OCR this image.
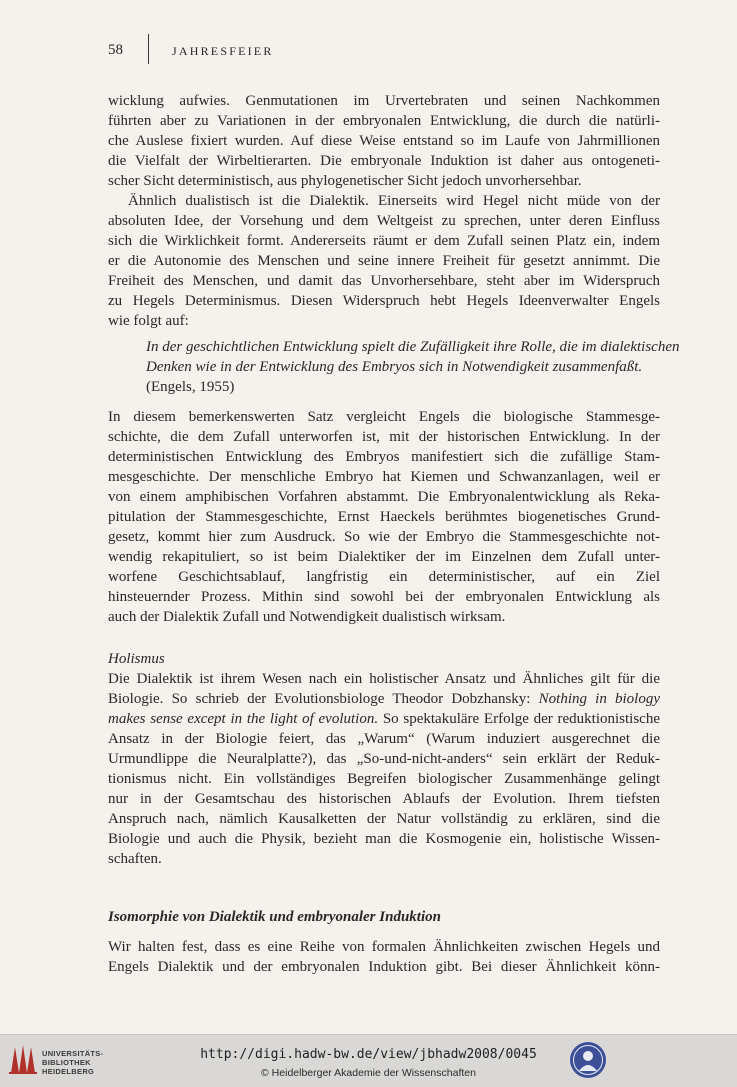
58	JAHRESFEIER

wicklung aufwies. Genmutationen im Urvertebraten und seinen Nachkommen

führten aber zu Variationen in der embryonalen Entwicklung, die durch die natürli-

che Auslese fixiert wurden. Auf diese Weise entstand so im Laufe von Jahrmillionen

die Vielfalt der Wirbeltierarten. Die embryonale Induktion ist daher aus ontogeneti-

scher Sicht deterministisch, aus phylogenetischer Sicht jedoch unvorhersehbar.

Ähnlich dualistisch ist die Dialektik. Einerseits wird Hegel nicht müde von der

absoluten Idee, der Vorsehung und dem Weltgeist zu sprechen, unter deren Einfluss

sich die Wirklichkeit formt. Andererseits räumt er dem Zufall seinen Platz ein, indem

er die Autonomie des Menschen und seine innere Freiheit für gesetzt annimmt. Die

Freiheit des Menschen, und damit das Unvorhersehbare, steht aber im Widerspruch

zu Hegels Determinismus. Diesen Widerspruch hebt Hegels Ideenverwalter Engels

wie folgt auf:

In der geschichtlichen Entwicklung spielt die Zufälligkeit ihre Rolle, die im dialektischen

Denken wie in der Entwicklung des Embryos sich in Notwendigkeit zusammenfaßt.

(Engels, 1955)

In diesem bemerkenswerten Satz vergleicht Engels die biologische Stammesge-

schichte, die dem Zufall unterworfen ist, mit der historischen Entwicklung. In der

deterministischen Entwicklung des Embryos manifestiert sich die zufällige Stam-

mesgeschichte. Der menschliche Embryo hat Kiemen und Schwanzanlagen, weil er

von einem amphibischen Vorfahren abstammt. Die Embryonalentwicklung als Reka-

pitulation der Stammesgeschichte, Ernst Haeckels berühmtes biogenetisches Grund-

gesetz, kommt hier zum Ausdruck. So wie der Embryo die Stammesgeschichte not-

wendig rekapituliert, so ist beim Dialektiker der im Einzelnen dem Zufall unter-

worfene Geschichtsablauf, langfristig ein deterministischer, auf ein Ziel

hinsteuernder Prozess. Mithin sind sowohl bei der embryonalen Entwicklung als

auch der Dialektik Zufall und Notwendigkeit dualistisch wirksam.

Holismus

Die Dialektik ist ihrem Wesen nach ein holistischer Ansatz und Ähnliches gilt für die

Biologie. So schrieb der Evolutionsbiologe Theodor Dobzhansky: Nothing in biology

makes sense except in the light of evolution. So spektakuläre Erfolge der reduktionistische

Ansatz in der Biologie feiert, das „Warum“ (Warum induziert ausgerechnet die

Urmundlippe die Neuralplatte?), das „So-und-nicht-anders“ sein erklärt der Reduk-

tionismus nicht. Ein vollständiges Begreifen biologischer Zusammenhänge gelingt

nur in der Gesamtschau des historischen Ablaufs der Evolution. Ihrem tiefsten

Anspruch nach, nämlich Kausalketten der Natur vollständig zu erklären, sind die

Biologie und auch die Physik, bezieht man die Kosmogenie ein, holistische Wissen-

schaften.

Isomorphie von Dialektik und embryonaler Induktion

Wir halten fest, dass es eine Reihe von formalen Ähnlichkeiten zwischen Hegels und

Engels Dialektik und der embryonalen Induktion gibt. Bei dieser Ähnlichkeit könn-

UNIVERSITÄTS-
BIBLIOTHEK
HEIDELBERG
http://digi.hadw-bw.de/view/jbhadw2008/0045
© Heidelberger Akademie der Wissenschaften
